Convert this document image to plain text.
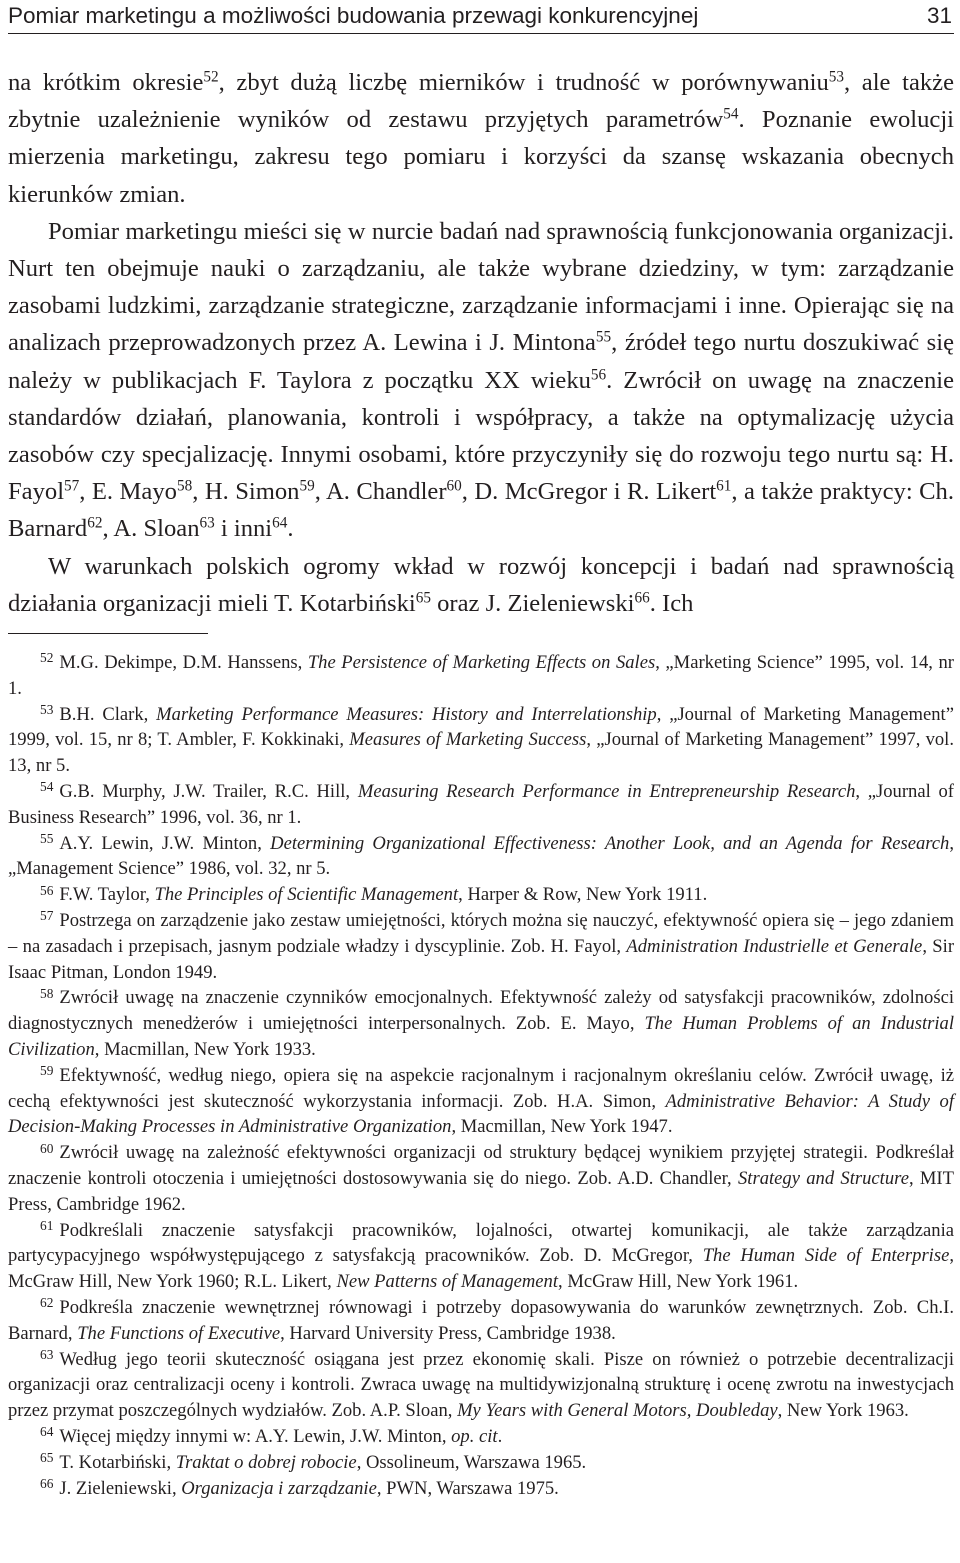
Pomiar marketingu a możliwości budowania przewagi konkurencyjnej	31

na krótkim okresie$^{52}$, zbyt dużą liczbę mierników i trudność w porównywaniu$^{53}$, ale także zbytnie uzależnienie wyników od zestawu przyjętych parametrów$^{54}$. Poznanie ewolucji mierzenia marketingu, zakresu tego pomiaru i korzyści da szansę wskazania obecnych kierunków zmian.

Pomiar marketingu mieści się w nurcie badań nad sprawnością funkcjonowania organizacji. Nurt ten obejmuje nauki o zarządzaniu, ale także wybrane dziedziny, w tym: zarządzanie zasobami ludzkimi, zarządzanie strategiczne, zarządzanie informacjami i inne. Opierając się na analizach przeprowadzonych przez A. Lewina i J. Mintona$^{55}$, źródeł tego nurtu doszukiwać się należy w publikacjach F. Taylora z początku XX wieku$^{56}$. Zwrócił on uwagę na znaczenie standardów działań, planowania, kontroli i współpracy, a także na optymalizację użycia zasobów czy specjalizację. Innymi osobami, które przyczyniły się do rozwoju tego nurtu są: H. Fayol$^{57}$, E. Mayo$^{58}$, H. Simon$^{59}$, A. Chandler$^{60}$, D. McGregor i R. Likert$^{61}$, a także praktycy: Ch. Barnard$^{62}$, A. Sloan$^{63}$ i inni$^{64}$.

W warunkach polskich ogromy wkład w rozwój koncepcji i badań nad sprawnością działania organizacji mieli T. Kotarbiński$^{65}$ oraz J. Zieleniewski$^{66}$. Ich

$^{52}$ M.G. Dekimpe, D.M. Hanssens, The Persistence of Marketing Effects on Sales, „Marketing Science” 1995, vol. 14, nr 1.

$^{53}$ B.H. Clark, Marketing Performance Measures: History and Interrelationship, „Journal of Marketing Management” 1999, vol. 15, nr 8; T. Ambler, F. Kokkinaki, Measures of Marketing Success, „Journal of Marketing Management” 1997, vol. 13, nr 5.

$^{54}$ G.B. Murphy, J.W. Trailer, R.C. Hill, Measuring Research Performance in Entrepreneurship Research, „Journal of Business Research” 1996, vol. 36, nr 1.

$^{55}$ A.Y. Lewin, J.W. Minton, Determining Organizational Effectiveness: Another Look, and an Agenda for Research, „Management Science” 1986, vol. 32, nr 5.

$^{56}$ F.W. Taylor, The Principles of Scientific Management, Harper & Row, New York 1911.

$^{57}$ Postrzega on zarządzenie jako zestaw umiejętności, których można się nauczyć, efektywność opiera się – jego zdaniem – na zasadach i przepisach, jasnym podziale władzy i dyscyplinie. Zob. H. Fayol, Administration Industrielle et Generale, Sir Isaac Pitman, London 1949.

$^{58}$ Zwrócił uwagę na znaczenie czynników emocjonalnych. Efektywność zależy od satysfakcji pracowników, zdolności diagnostycznych menedżerów i umiejętności interpersonalnych. Zob. E. Mayo, The Human Problems of an Industrial Civilization, Macmillan, New York 1933.

$^{59}$ Efektywność, według niego, opiera się na aspekcie racjonalnym i racjonalnym określaniu celów. Zwrócił uwagę, iż cechą efektywności jest skuteczność wykorzystania informacji. Zob. H.A. Simon, Administrative Behavior: A Study of Decision-Making Processes in Administrative Organization, Macmillan, New York 1947.

$^{60}$ Zwrócił uwagę na zależność efektywności organizacji od struktury będącej wynikiem przyjętej strategii. Podkreślał znaczenie kontroli otoczenia i umiejętności dostosowywania się do niego. Zob. A.D. Chandler, Strategy and Structure, MIT Press, Cambridge 1962.

$^{61}$ Podkreślali znaczenie satysfakcji pracowników, lojalności, otwartej komunikacji, ale także zarządzania partycypacyjnego współwystępującego z satysfakcją pracowników. Zob. D. McGregor, The Human Side of Enterprise, McGraw Hill, New York 1960; R.L. Likert, New Patterns of Management, McGraw Hill, New York 1961.

$^{62}$ Podkreśla znaczenie wewnętrznej równowagi i potrzeby dopasowywania do warunków zewnętrznych. Zob. Ch.I. Barnard, The Functions of Executive, Harvard University Press, Cambridge 1938.

$^{63}$ Według jego teorii skuteczność osiągana jest przez ekonomię skali. Pisze on również o potrzebie decentralizacji organizacji oraz centralizacji oceny i kontroli. Zwraca uwagę na multidywizjonalną strukturę i ocenę zwrotu na inwestycjach przez przymat poszczególnych wydziałów. Zob. A.P. Sloan, My Years with General Motors, Doubleday, New York 1963.

$^{64}$ Więcej między innymi w: A.Y. Lewin, J.W. Minton, op. cit.

$^{65}$ T. Kotarbiński, Traktat o dobrej robocie, Ossolineum, Warszawa 1965.

$^{66}$ J. Zieleniewski, Organizacja i zarządzanie, PWN, Warszawa 1975.
